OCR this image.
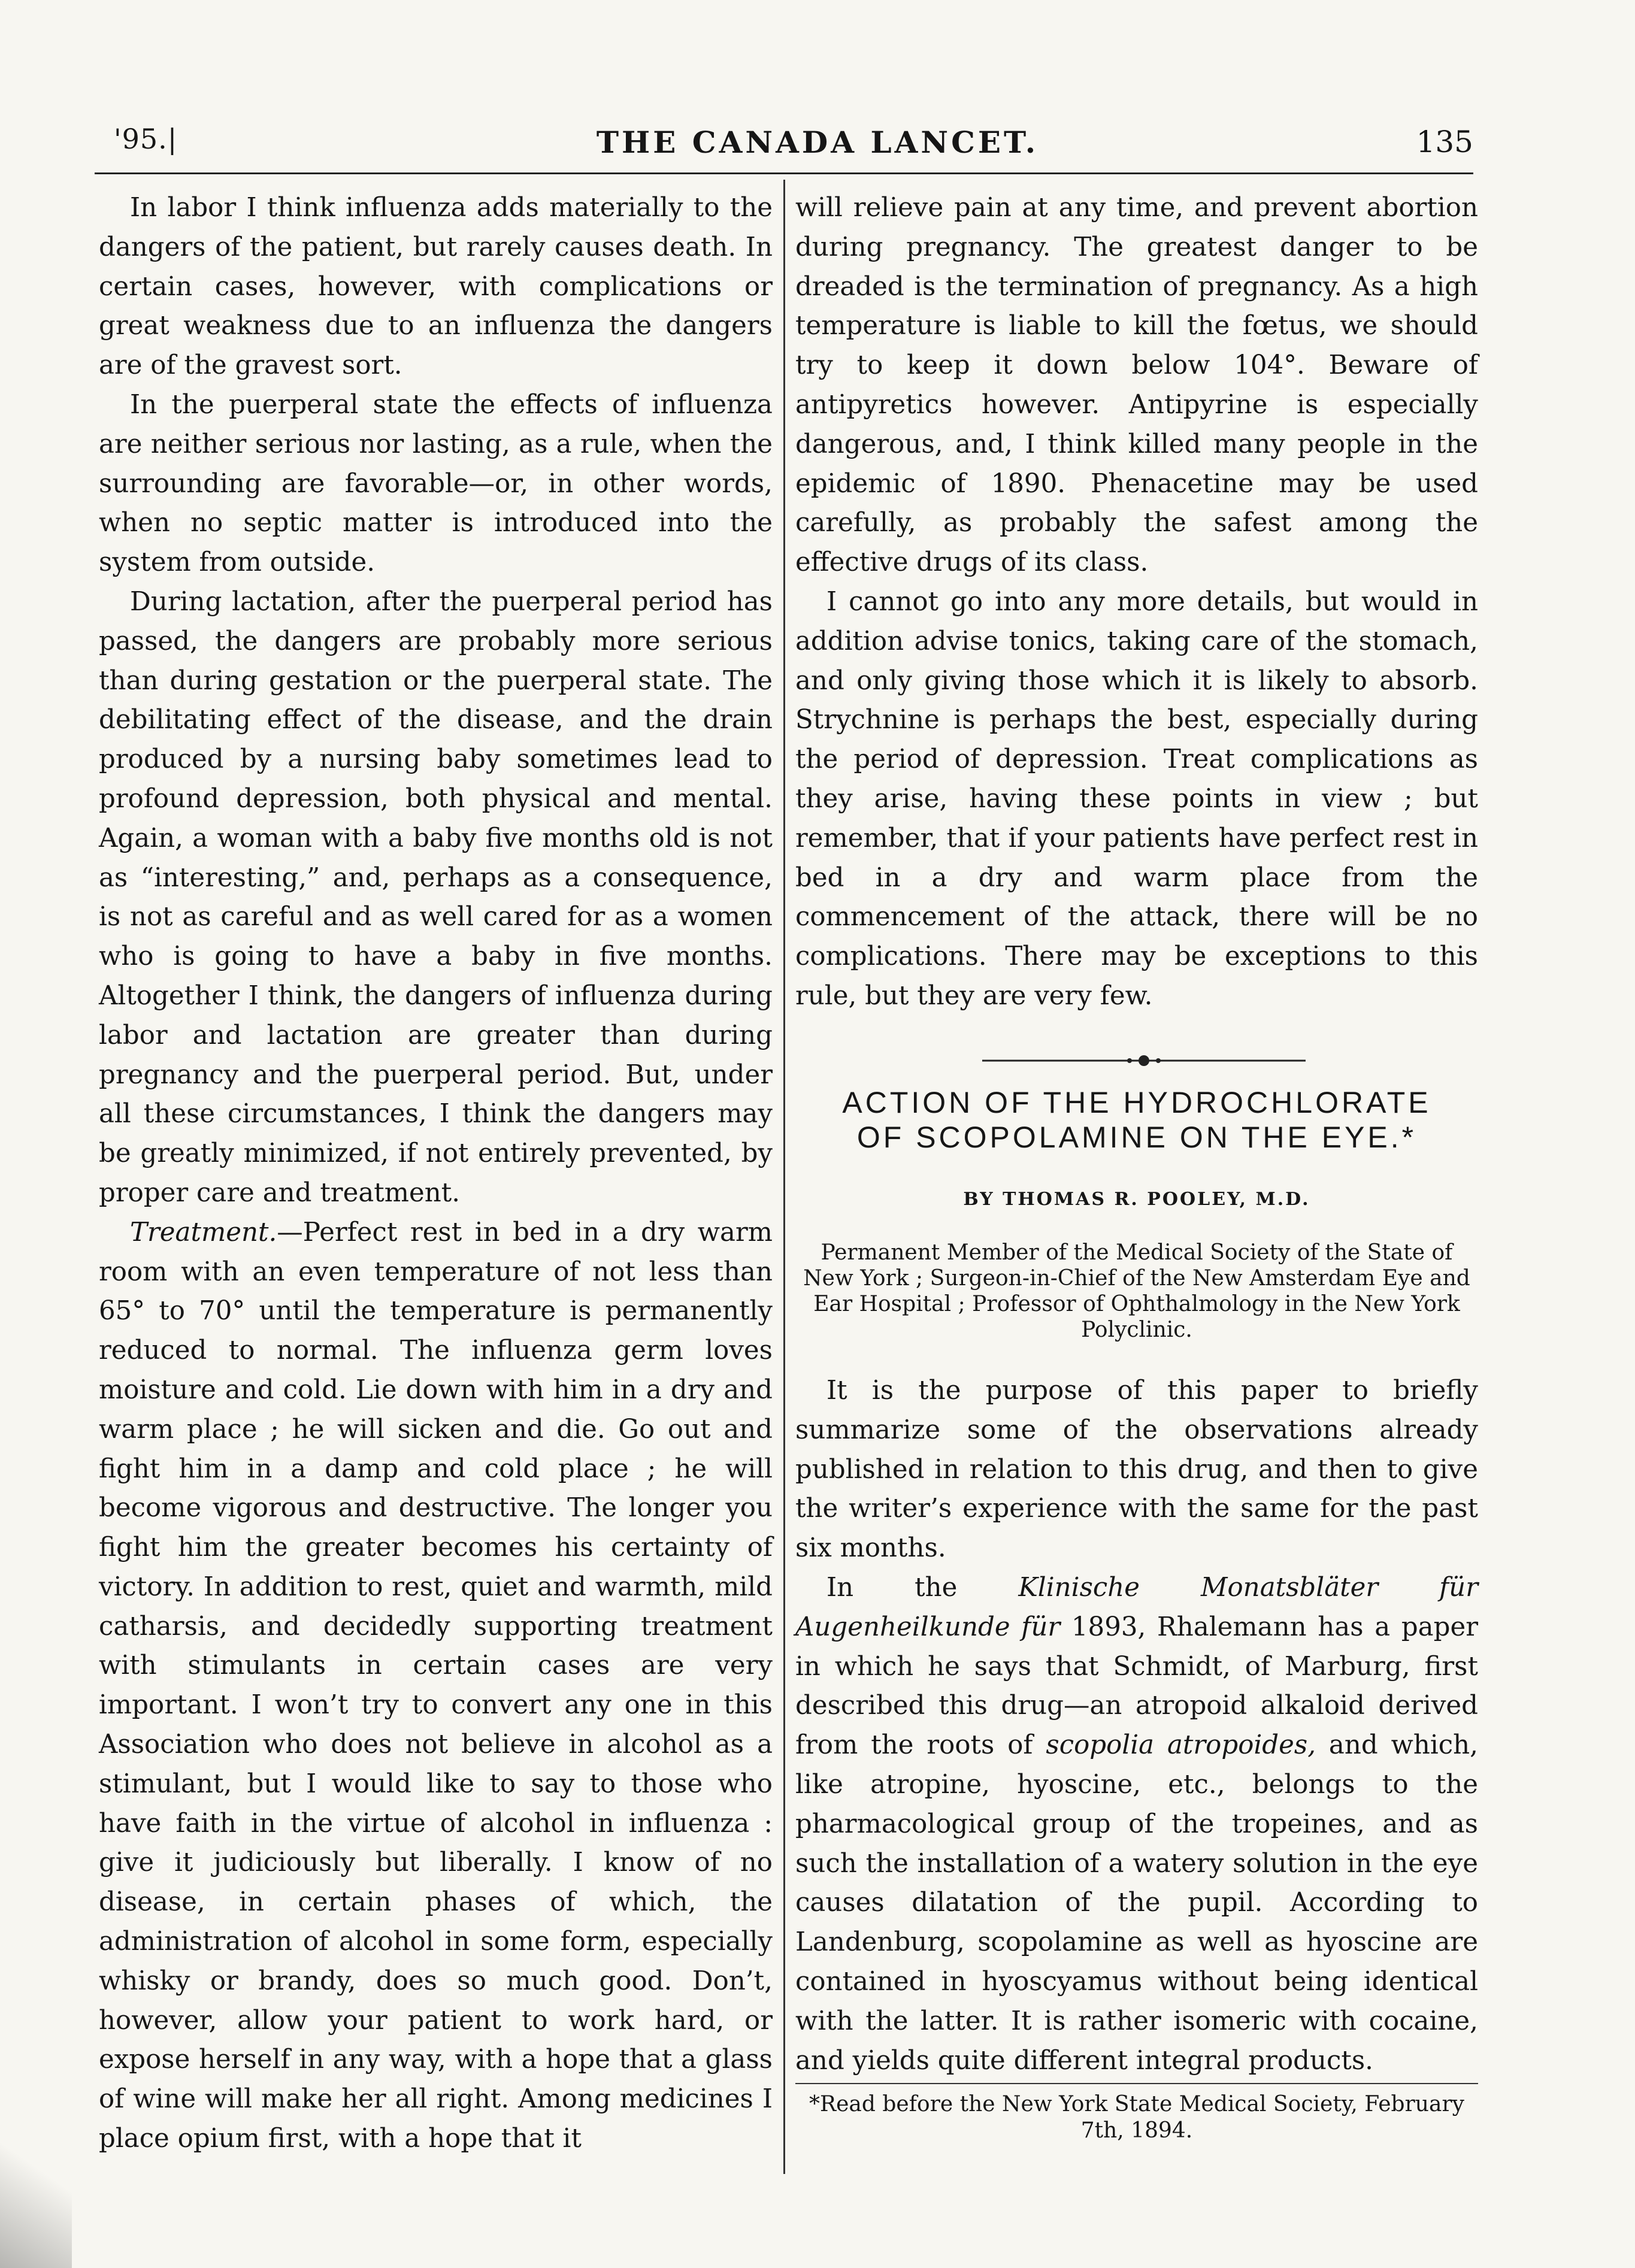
'95.|	THE CANADA LANCET.	135

In labor I think influenza adds materially to the dangers of the patient, but rarely causes death. In certain cases, however, with complications or great weakness due to an influenza the dangers are of the gravest sort.

In the puerperal state the effects of influenza are neither serious nor lasting, as a rule, when the surrounding are favorable—or, in other words, when no septic matter is introduced into the system from outside.

During lactation, after the puerperal period has passed, the dangers are probably more serious than during gestation or the puerperal state. The debilitating effect of the disease, and the drain produced by a nursing baby sometimes lead to profound depression, both physical and mental. Again, a woman with a baby five months old is not as “interesting,” and, perhaps as a consequence, is not as careful and as well cared for as a women who is going to have a baby in five months. Altogether I think, the dangers of influenza during labor and lactation are greater than during pregnancy and the puerperal period. But, under all these circumstances, I think the dangers may be greatly minimized, if not entirely prevented, by proper care and treatment.

Treatment.—Perfect rest in bed in a dry warm room with an even temperature of not less than 65° to 70° until the temperature is permanently reduced to normal. The influenza germ loves moisture and cold. Lie down with him in a dry and warm place ; he will sicken and die. Go out and fight him in a damp and cold place ; he will become vigorous and destructive. The longer you fight him the greater becomes his certainty of victory. In addition to rest, quiet and warmth, mild catharsis, and decidedly supporting treatment with stimulants in certain cases are very important. I won’t try to convert any one in this Association who does not believe in alcohol as a stimulant, but I would like to say to those who have faith in the virtue of alcohol in influenza : give it judiciously but liberally. I know of no disease, in certain phases of which, the administration of alcohol in some form, especially whisky or brandy, does so much good. Don’t, however, allow your patient to work hard, or expose herself in any way, with a hope that a glass of wine will make her all right. Among medicines I place opium first, with a hope that it

will relieve pain at any time, and prevent abortion during pregnancy. The greatest danger to be dreaded is the termination of pregnancy. As a high temperature is liable to kill the fœtus, we should try to keep it down below 104°. Beware of antipyretics however. Antipyrine is especially dangerous, and, I think killed many people in the epidemic of 1890. Phenacetine may be used carefully, as probably the safest among the effective drugs of its class.

I cannot go into any more details, but would in addition advise tonics, taking care of the stomach, and only giving those which it is likely to absorb. Strychnine is perhaps the best, especially during the period of depression. Treat complications as they arise, having these points in view ; but remember, that if your patients have perfect rest in bed in a dry and warm place from the commencement of the attack, there will be no complications. There may be exceptions to this rule, but they are very few.

ACTION OF THE HYDROCHLORATE
OF SCOPOLAMINE ON THE EYE.*
BY THOMAS R. POOLEY, M.D.
Permanent Member of the Medical Society of the State of New York ; Surgeon-in-Chief of the New Amsterdam Eye and Ear Hospital ; Professor of Ophthalmology in the New York Polyclinic.

It is the purpose of this paper to briefly summarize some of the observations already published in relation to this drug, and then to give the writer’s experience with the same for the past six months.

In the Klinische Monatsbläter für Augenheilkunde für 1893, Rhalemann has a paper in which he says that Schmidt, of Marburg, first described this drug—an atropoid alkaloid derived from the roots of scopolia atropoides, and which, like atropine, hyoscine, etc., belongs to the pharmacological group of the tropeines, and as such the installation of a watery solution in the eye causes dilatation of the pupil. According to Landenburg, scopolamine as well as hyoscine are contained in hyoscyamus without being identical with the latter. It is rather isomeric with cocaine, and yields quite different integral products.

*Read before the New York State Medical Society, February 7th, 1894.
